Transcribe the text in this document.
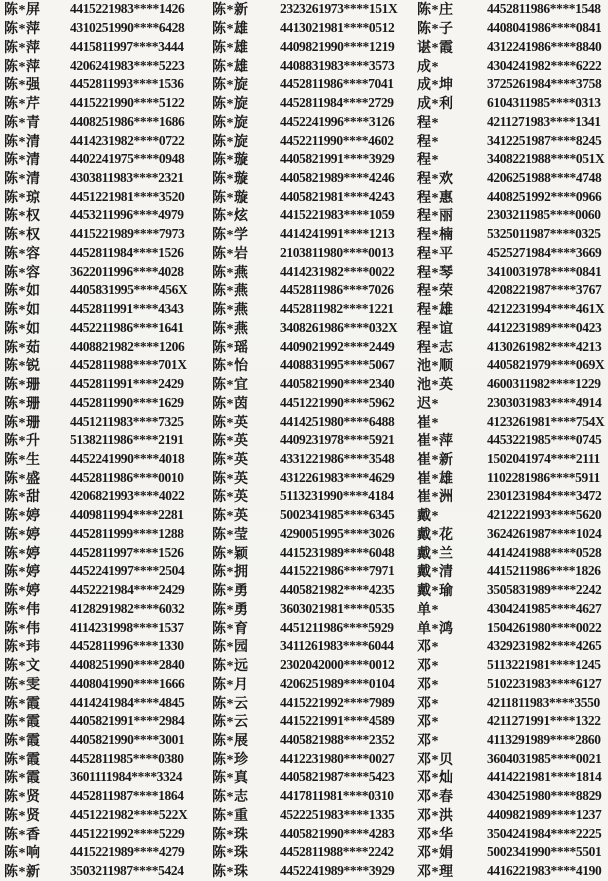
陈*屏	4415221983****1426
陈*萍	4310251990****6428
陈*萍	4415811997****3444
陈*萍	4206241983****5223
陈*强	4452811993****1536
陈*芹	4415221990****5122
陈*青	4408251986****1686
陈*清	4414231982****0722
陈*清	4402241975****0948
陈*清	4303811983****2321
陈*琼	4451221981****3520
陈*权	4453211996****4979
陈*权	4415221989****7973
陈*容	4452811984****1526
陈*容	3622011996****4028
陈*如	4405831995****456X
陈*如	4452811991****4343
陈*如	4452211986****1641
陈*茹	4408821982****1206
陈*锐	4452811988****701X
陈*珊	4452811991****2429
陈*珊	4452811990****1629
陈*珊	4451211983****7325
陈*升	5138211986****2191
陈*生	4452241990****4018
陈*盛	4452811986****0010
陈*甜	4206821993****4022
陈*婷	4409811994****2281
陈*婷	4452811999****1288
陈*婷	4452811997****1526
陈*婷	4452241997****2504
陈*婷	4452221984****2429
陈*伟	4128291982****6032
陈*伟	4114231998****1537
陈*玮	4452811996****1330
陈*文	4408251990****2840
陈*雯	4408041990****1666
陈*霞	4414241984****4845
陈*霞	4405821991****2984
陈*霞	4405821990****3001
陈*霞	4452811985****0380
陈*霞	3601111984****3324
陈*贤	4452811987****1864
陈*贤	4451221982****522X
陈*香	4451221992****5229
陈*响	4415221989****4279
陈*新	3503211987****5424
陈*新	2323261973****151X
陈*雄	4413021981****0512
陈*雄	4409821990****1219
陈*雄	4408831983****3573
陈*旋	4452811986****7041
陈*旋	4452811984****2729
陈*旋	4452241996****3126
陈*旋	4452211990****4602
陈*璇	4405821991****3929
陈*璇	4405821989****4246
陈*璇	4405821981****4243
陈*炫	4415221983****1059
陈*学	4414241991****1213
陈*岩	2103811980****0013
陈*燕	4414231982****0022
陈*燕	4452811986****7026
陈*燕	4452811982****1221
陈*燕	3408261986****032X
陈*瑶	4409021992****2449
陈*怡	4408831995****5067
陈*宜	4405821990****2340
陈*茵	4451221990****5962
陈*英	4414251980****6488
陈*英	4409231978****5921
陈*英	4331221986****3548
陈*英	4312261983****4629
陈*英	5113231990****4184
陈*英	5002341985****6345
陈*莹	4290051995****3026
陈*颖	4415231989****6048
陈*拥	4415221986****7971
陈*勇	4405821982****4235
陈*勇	3603021981****0535
陈*育	4451211986****5929
陈*园	3411261983****6044
陈*远	2302042000****0012
陈*月	4206251989****0104
陈*云	4415221992****7989
陈*云	4415221991****4589
陈*展	4405821988****2352
陈*珍	4412231980****0027
陈*真	4405821987****5423
陈*志	4417811981****0310
陈*重	4522251983****1335
陈*珠	4405821990****4283
陈*珠	4452811988****2242
陈*珠	4452241989****3929
陈*庄	4452811986****1548
陈*子	4408041986****0841
谌*霞	4312241986****8840
成*	4304241982****6222
成*坤	3725261984****3758
成*利	6104311985****0313
程*	4211271983****1341
程*	3412251987****8245
程*	3408221988****051X
程*欢	4206251988****4748
程*惠	4408251992****0966
程*丽	2303211985****0060
程*楠	5325011987****0325
程*平	4525271984****3669
程*琴	3410031978****0841
程*荣	4208221987****3767
程*雄	4212231994****461X
程*谊	4412231989****0423
程*志	4130261982****4213
池*顺	4405821979****069X
池*英	4600311982****1229
迟*	2303031983****4914
崔*	4123261981****754X
崔*萍	4453221985****0745
崔*新	1502041974****2111
崔*雄	1102281986****5911
崔*洲	2301231984****3472
戴*	4212221993****5620
戴*花	3624261987****1024
戴*兰	4414241988****0528
戴*清	4415211986****1826
戴*瑜	3505831989****2242
单*	4304241985****4627
单*鸿	1504261980****0022
邓*	4329231982****4265
邓*	5113221981****1245
邓*	5102231983****6127
邓*	4211811983****3550
邓*	4211271991****1322
邓*	4113291989****2860
邓*贝	3604031985****0021
邓*灿	4414221981****1814
邓*春	4304251980****8829
邓*洪	4409821989****1237
邓*华	3504241984****2225
邓*娟	5002341990****5501
邓*理	4416221983****4190
